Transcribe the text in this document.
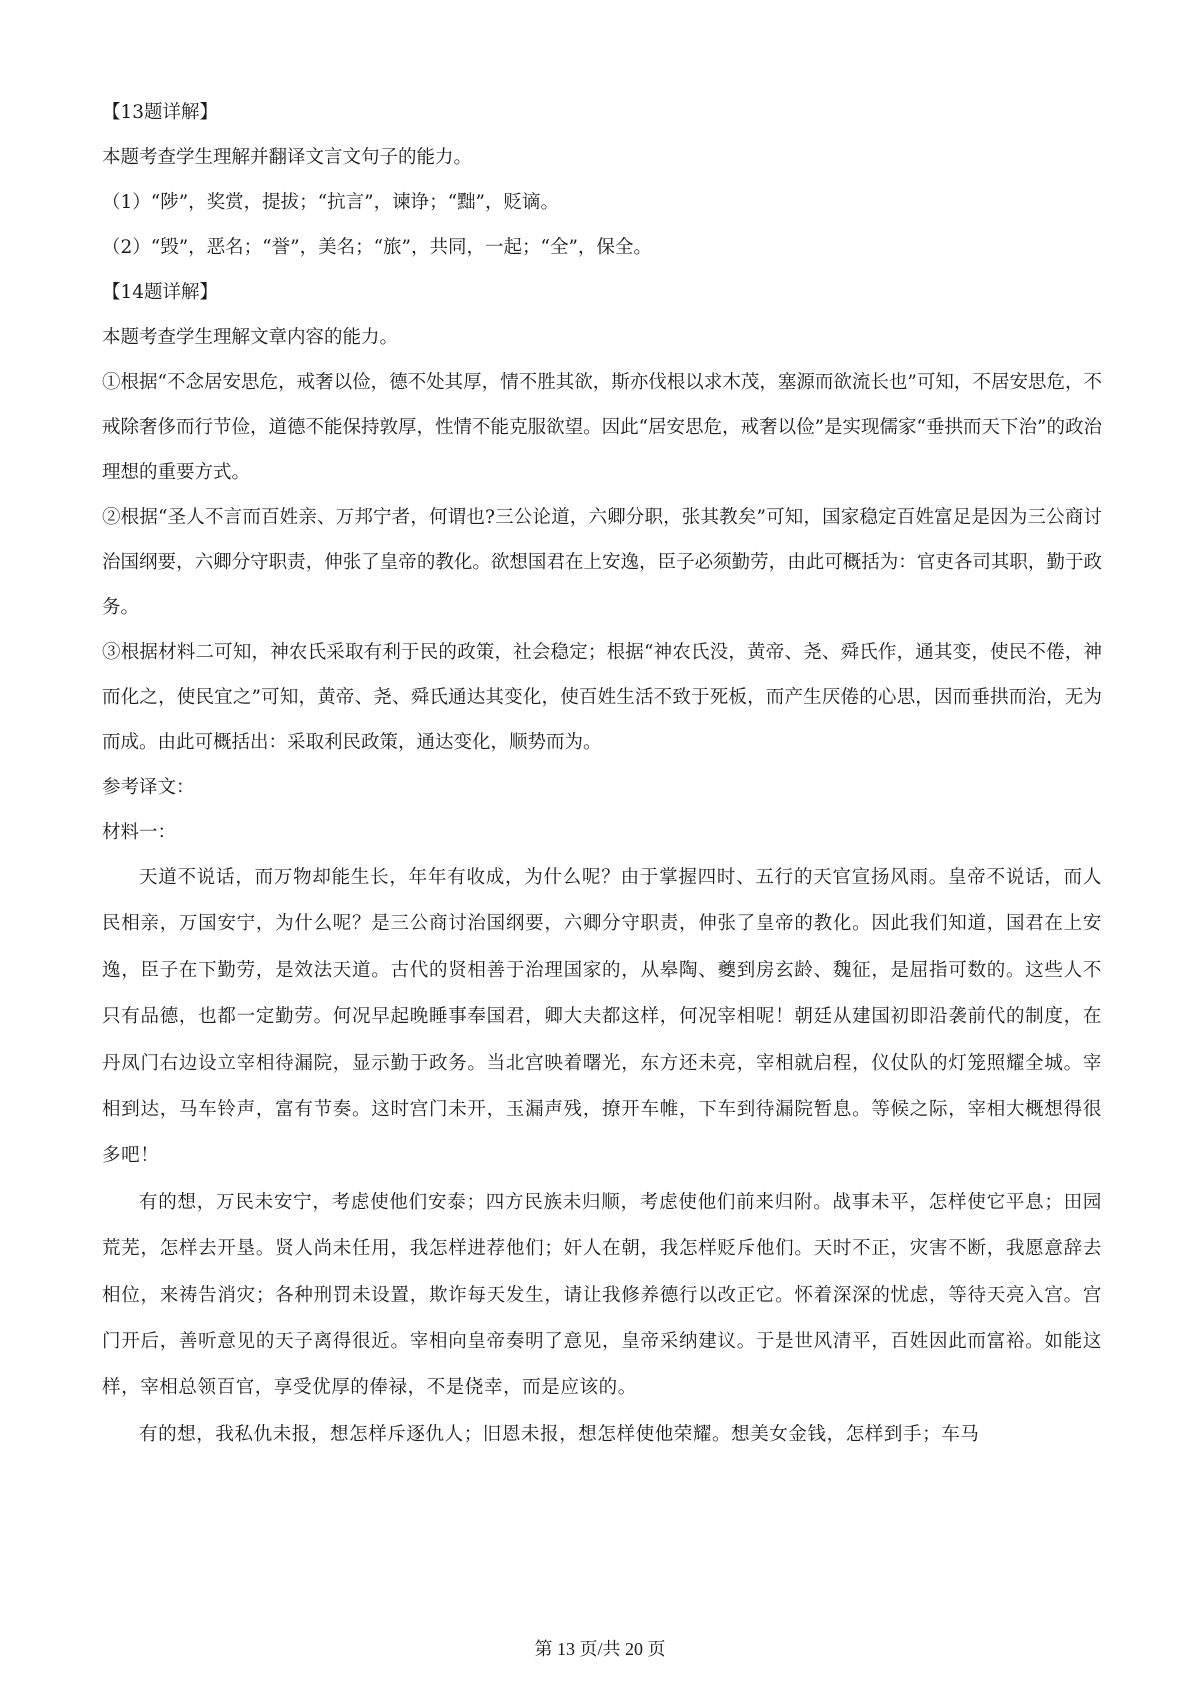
【13题详解】
本题考查学生理解并翻译文言文句子的能力。
（1）“陟”，奖赏，提拔；“抗言”，谏诤；“黜”，贬谪。
（2）“毁”，恶名；“誉”，美名；“旅”，共同，一起；“全”，保全。
【14题详解】
本题考查学生理解文章内容的能力。

①根据“不念居安思危，戒奢以俭，德不处其厚，情不胜其欲，斯亦伐根以求木茂，塞源而欲流长也”可知，不居安思危，不戒除奢侈而行节俭，道德不能保持敦厚，性情不能克服欲望。因此“居安思危，戒奢以俭”是实现儒家“垂拱而天下治”的政治理想的重要方式。

②根据“圣人不言而百姓亲、万邦宁者，何谓也?三公论道，六卿分职，张其教矣”可知，国家稳定百姓富足是因为三公商讨治国纲要，六卿分守职责，伸张了皇帝的教化。欲想国君在上安逸，臣子必须勤劳，由此可概括为：官吏各司其职，勤于政务。

③根据材料二可知，神农氏采取有利于民的政策，社会稳定；根据“神农氏没，黄帝、尧、舜氏作，通其变，使民不倦，神而化之，使民宜之”可知，黄帝、尧、舜氏通达其变化，使百姓生活不致于死板，而产生厌倦的心思，因而垂拱而治，无为而成。由此可概括出：采取利民政策，通达变化，顺势而为。

参考译文：
材料一：

天道不说话，而万物却能生长，年年有收成，为什么呢？由于掌握四时、五行的天官宣扬风雨。皇帝不说话，而人民相亲，万国安宁，为什么呢？是三公商讨治国纲要，六卿分守职责，伸张了皇帝的教化。因此我们知道，国君在上安逸，臣子在下勤劳，是效法天道。古代的贤相善于治理国家的，从皋陶、夔到房玄龄、魏征，是屈指可数的。这些人不只有品德，也都一定勤劳。何况早起晚睡事奉国君，卿大夫都这样，何况宰相呢！朝廷从建国初即沿袭前代的制度，在丹凤门右边设立宰相待漏院，显示勤于政务。当北宫映着曙光，东方还未亮，宰相就启程，仪仗队的灯笼照耀全城。宰相到达，马车铃声，富有节奏。这时宫门未开，玉漏声残，撩开车帷，下车到待漏院暂息。等候之际，宰相大概想得很多吧！

有的想，万民未安宁，考虑使他们安泰；四方民族未归顺，考虑使他们前来归附。战事未平，怎样使它平息；田园荒芜，怎样去开垦。贤人尚未任用，我怎样进荐他们；奸人在朝，我怎样贬斥他们。天时不正，灾害不断，我愿意辞去相位，来祷告消灾；各种刑罚未设置，欺诈每天发生，请让我修养德行以改正它。怀着深深的忧虑，等待天亮入宫。宫门开后，善听意见的天子离得很近。宰相向皇帝奏明了意见，皇帝采纳建议。于是世风清平，百姓因此而富裕。如能这样，宰相总领百官，享受优厚的俸禄，不是侥幸，而是应该的。

有的想，我私仇未报，想怎样斥逐仇人；旧恩未报，想怎样使他荣耀。想美女金钱，怎样到手；车马

第 13 页/共 20 页
